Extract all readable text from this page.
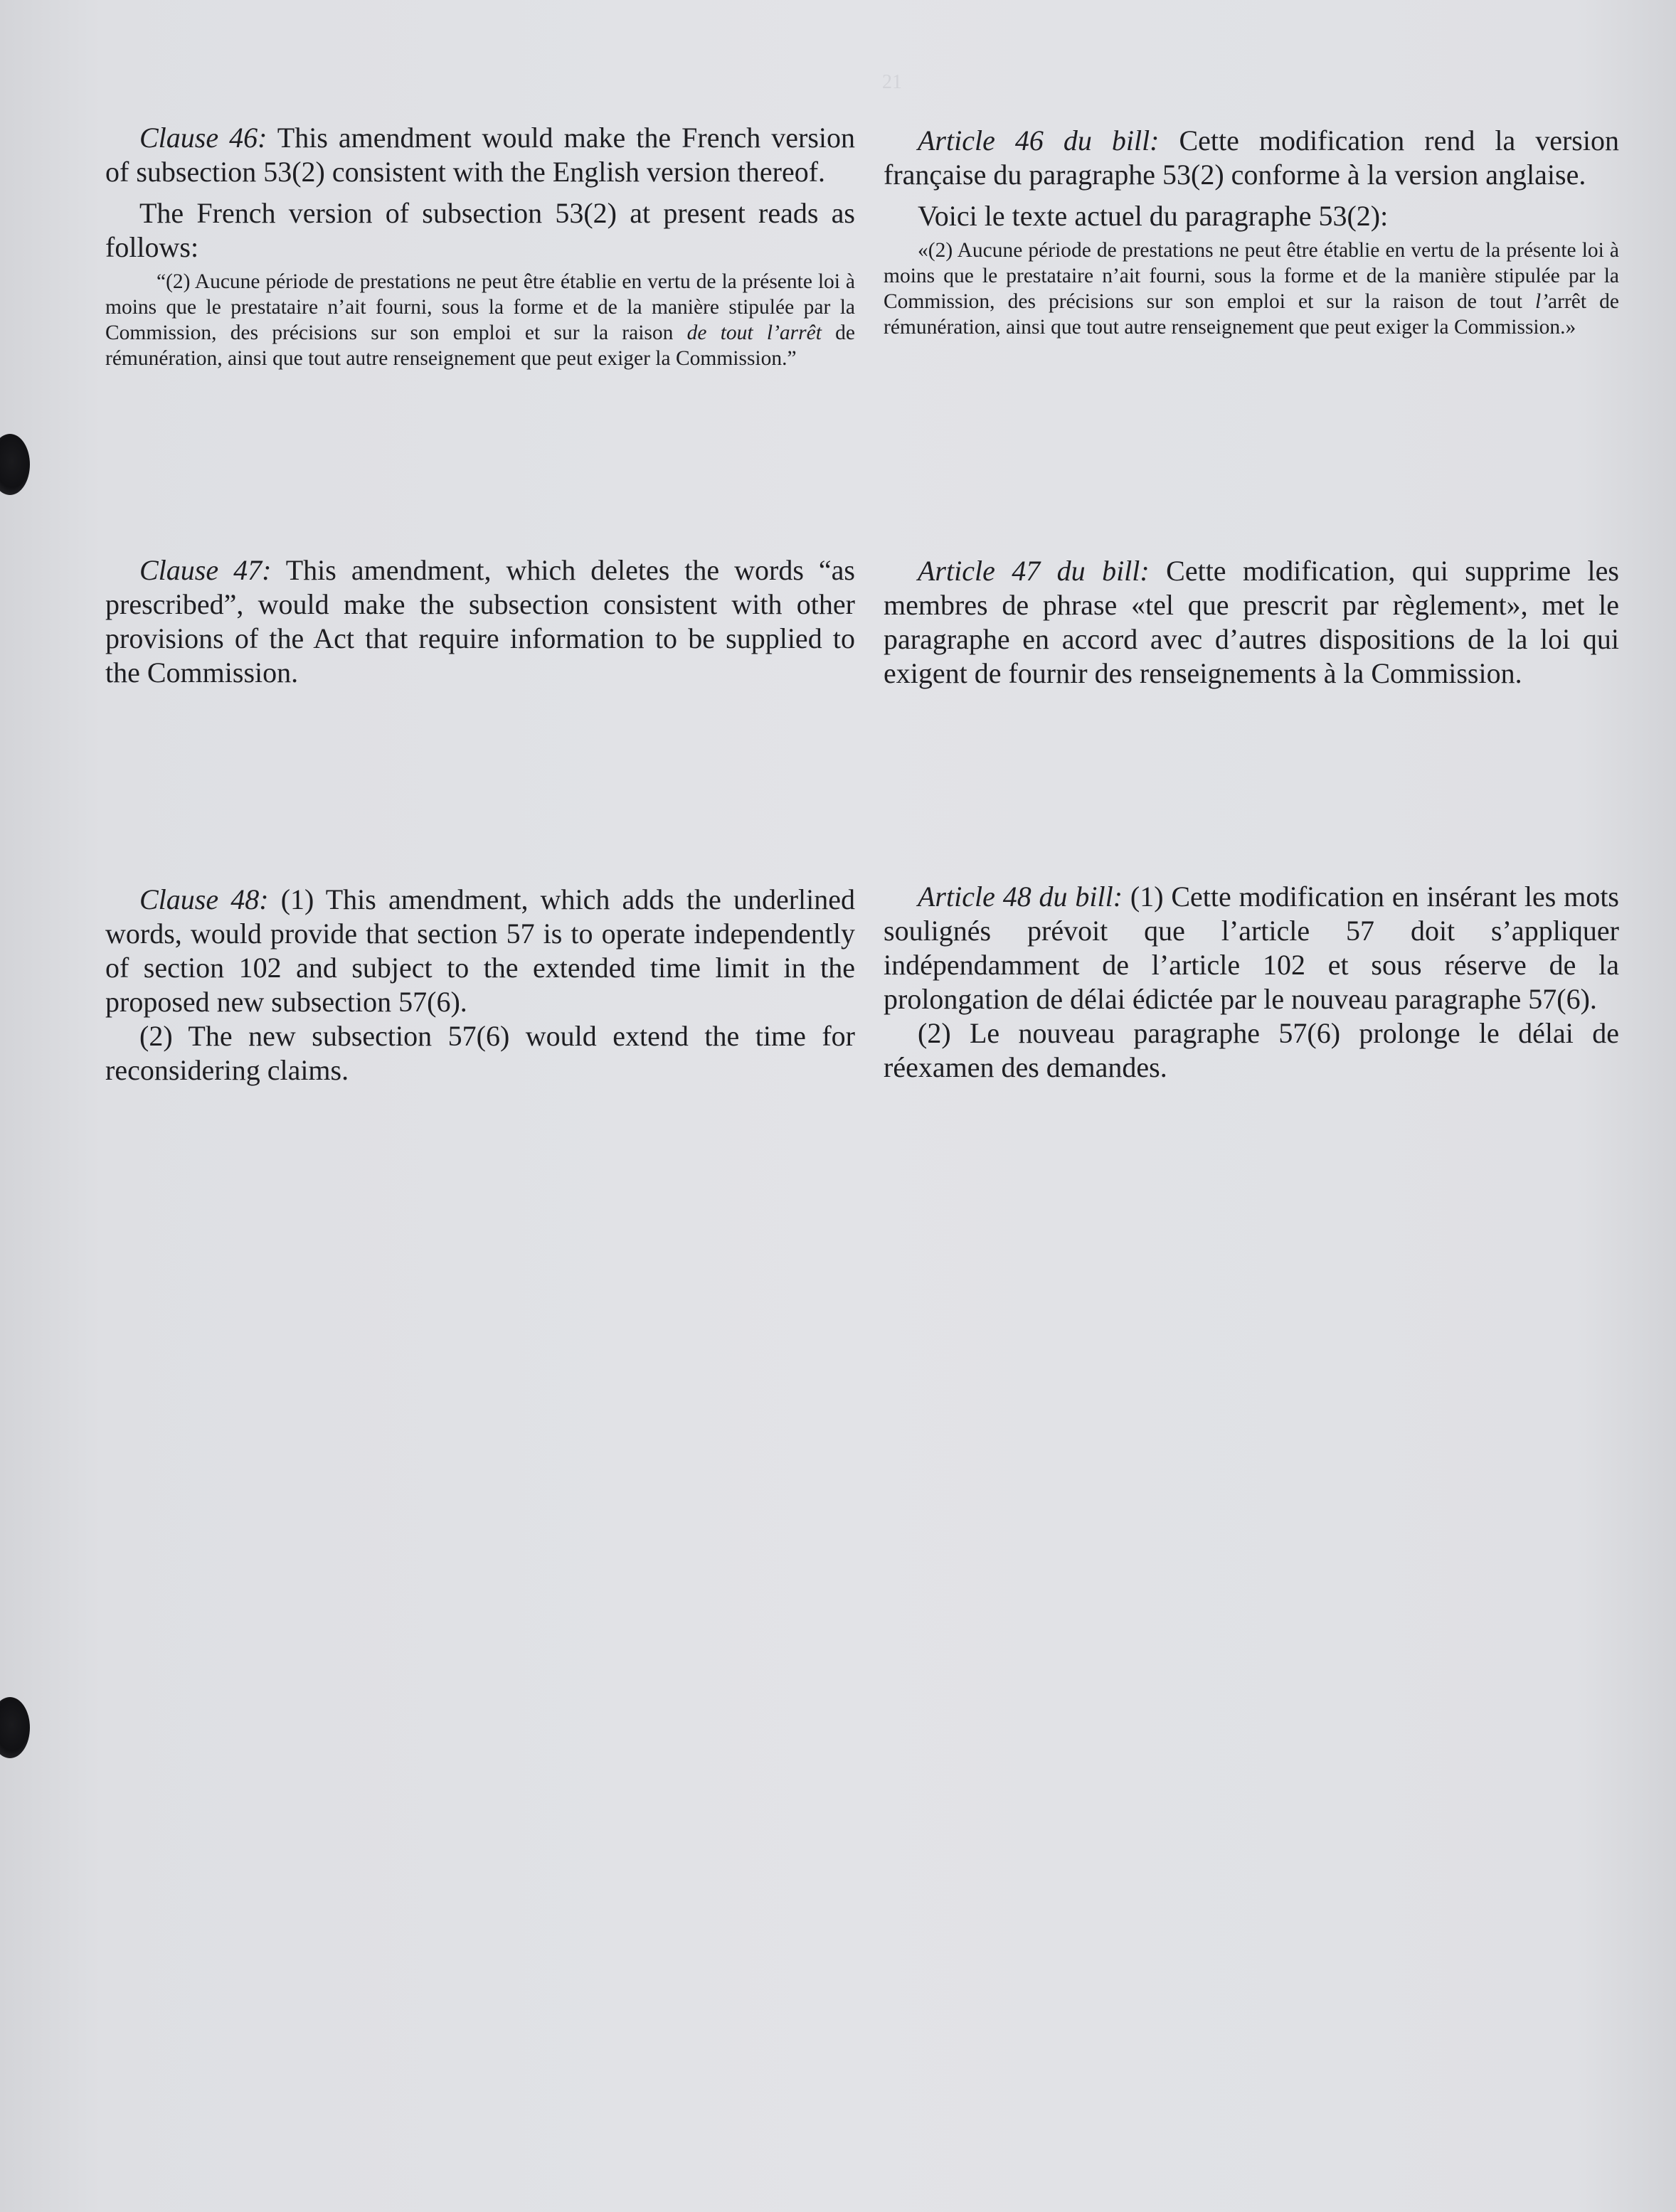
21

Clause 46: This amendment would make the French version of subsection 53(2) consistent with the English version thereof.

The French version of subsection 53(2) at present reads as follows:

“(2) Aucune période de prestations ne peut être établie en vertu de la présente loi à moins que le prestataire n’ait fourni, sous la forme et de la manière stipulée par la Commission, des précisions sur son emploi et sur la raison de tout l’arrêt de rémunération, ainsi que tout autre renseignement que peut exiger la Commission.”

Clause 47: This amendment, which deletes the words “as prescribed”, would make the subsection consistent with other provisions of the Act that require information to be supplied to the Commission.

Clause 48: (1) This amendment, which adds the underlined words, would provide that section 57 is to operate independently of section 102 and subject to the extended time limit in the proposed new subsection 57(6).

(2) The new subsection 57(6) would extend the time for reconsidering claims.

Article 46 du bill: Cette modification rend la version française du paragraphe 53(2) conforme à la version anglaise.

Voici le texte actuel du paragraphe 53(2):

«(2) Aucune période de prestations ne peut être établie en vertu de la présente loi à moins que le prestataire n’ait fourni, sous la forme et de la manière stipulée par la Commission, des précisions sur son emploi et sur la raison de tout l’arrêt de rémunération, ainsi que tout autre renseignement que peut exiger la Commission.»

Article 47 du bill: Cette modification, qui supprime les membres de phrase «tel que prescrit par règlement», met le paragraphe en accord avec d’autres dispositions de la loi qui exigent de fournir des renseignements à la Commission.

Article 48 du bill: (1) Cette modification en insérant les mots soulignés prévoit que l’article 57 doit s’appliquer indépendamment de l’article 102 et sous réserve de la prolongation de délai édictée par le nouveau paragraphe 57(6).

(2) Le nouveau paragraphe 57(6) prolonge le délai de réexamen des demandes.
